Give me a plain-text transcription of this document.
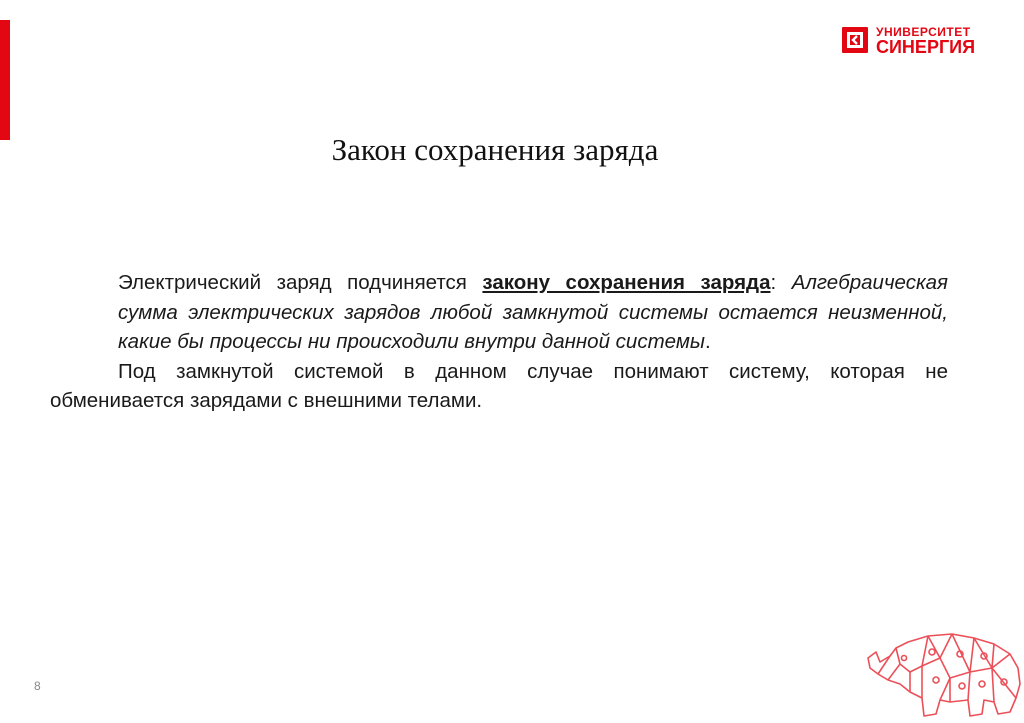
УНИВЕРСИТЕТ
СИНЕРГИЯ
Закон сохранения заряда

Электрический заряд подчиняется закону сохранения заряда: Алгебраическая сумма электрических зарядов любой замкнутой системы остается неизменной, какие бы процессы ни происходили внутри данной системы.

Под замкнутой системой в данном случае понимают систему, которая не обменивается зарядами с внешними телами.

8
